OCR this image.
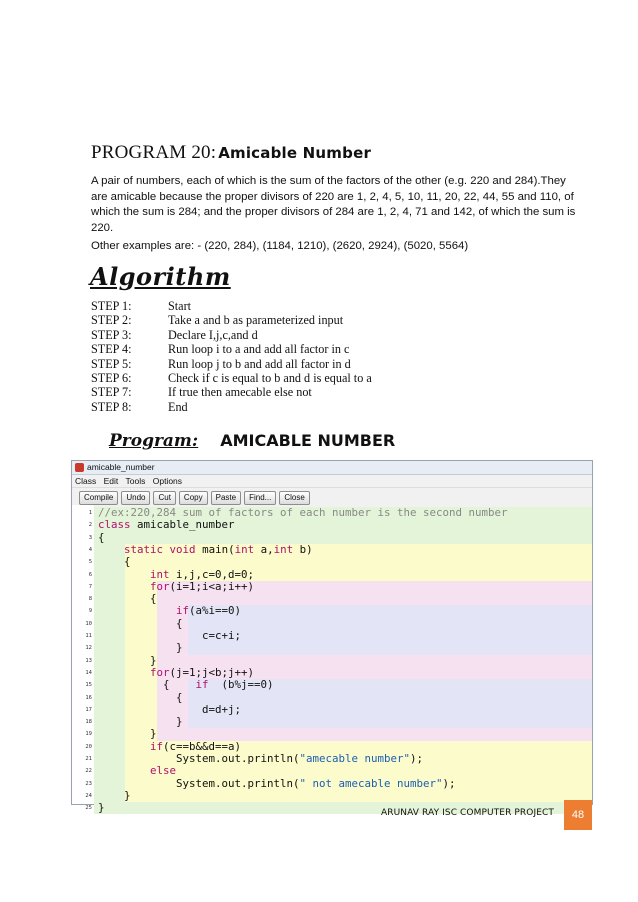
PROGRAM 20: Amicable Number
A pair of numbers, each of which is the sum of the factors of the other (e.g. 220 and 284).They are amicable because the proper divisors of 220 are 1, 2, 4, 5, 10, 11, 20, 22, 44, 55 and 110, of which the sum is 284; and the proper divisors of 284 are 1, 2, 4, 71 and 142, of which the sum is 220.
Other examples are: - (220, 284), (1184, 1210), (2620, 2924), (5020, 5564)
Algorithm
STEP 1:	Start
STEP 2:	Take a and b as parameterized input
STEP 3:	Declare I,j,c,and d
STEP 4:	Run loop i to a and add all factor in c
STEP 5:	Run loop j to b and add all factor in d
STEP 6:	Check if c is equal to b and d is equal to a
STEP 7:	If true then amecable else not
STEP 8:	End
Program: AMICABLE NUMBER
amicable_number
Class Edit Tools Options
Compile	Undo	Cut	Copy	Paste	Find...	Close
1 //ex:220,284 sum of factors of each number is the second number
2 class amicable_number
3 {
4	static void main(int a,int b)
5 {
6	int i,j,c=0,d=0;
7	for(i=1;i<a;i++)
8 {
9	if(a%i==0)
10 {
11 c=c+i;
12 }
13 }
14	for(j=1;j<b;j++)
15 {    if  (b%j==0)
16 {
17 d=d+j;
18 }
19 }
20	if(c==b&&d==a)
21 System.out.println("amecable number");
22	else
23 System.out.println(" not amecable number");
24 }
25 }	ARUNAV RAY ISC COMPUTER PROJECT	48
